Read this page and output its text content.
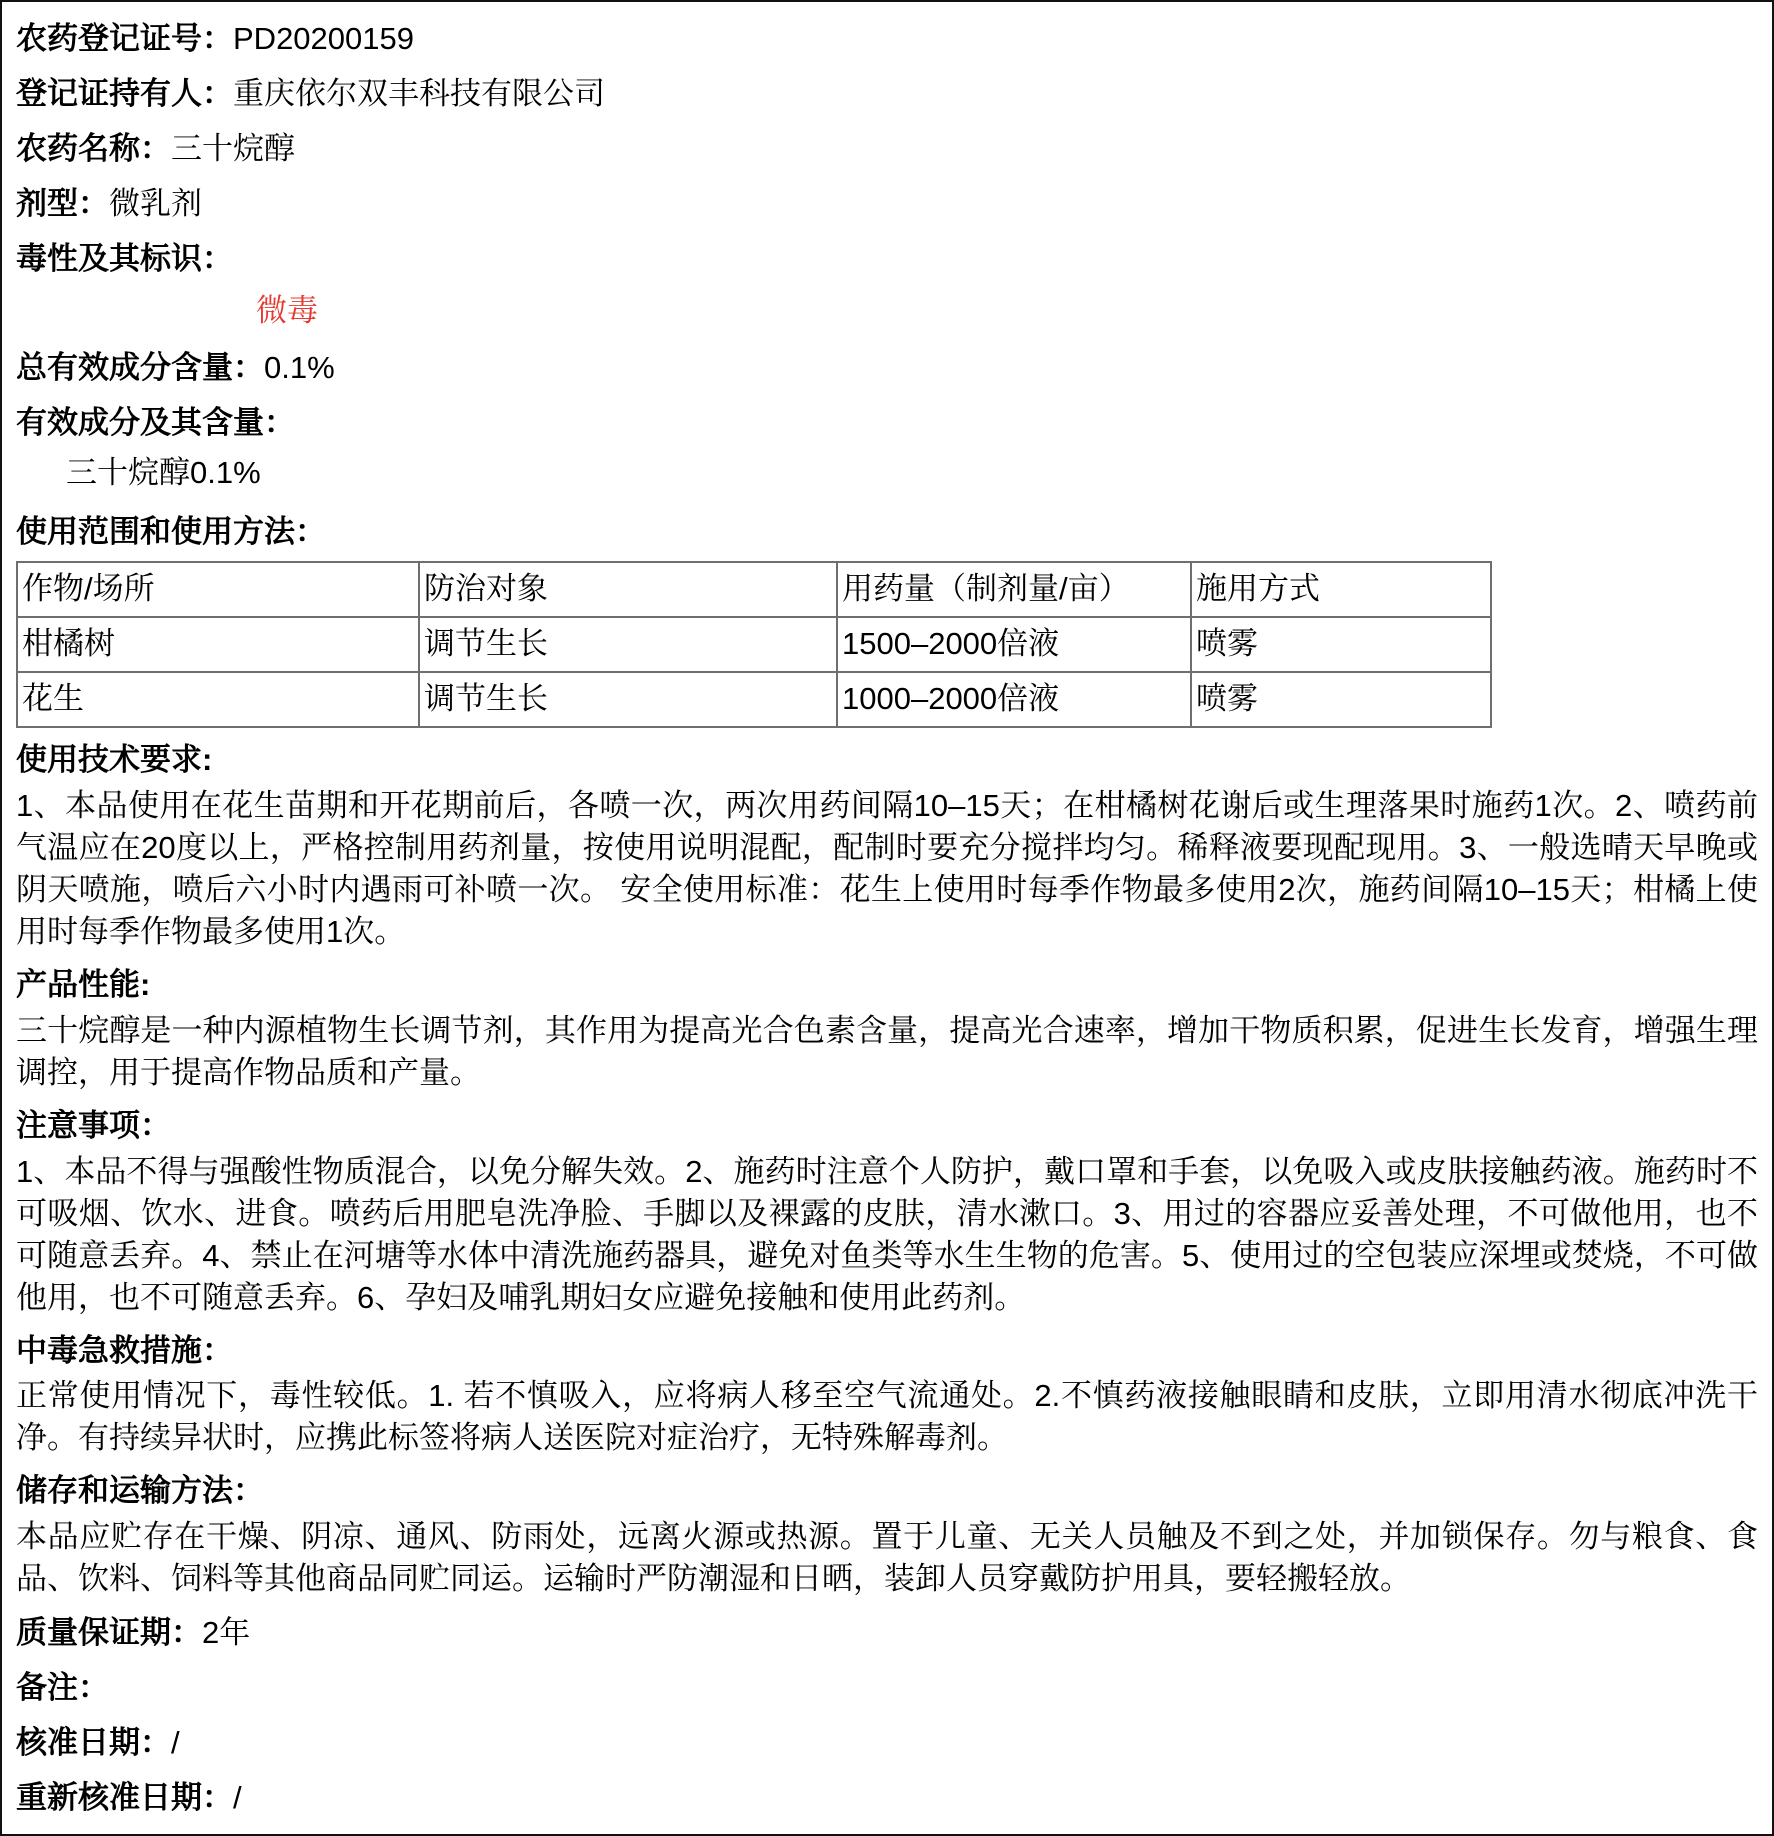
农药登记证号：PD20200159
登记证持有人：重庆依尔双丰科技有限公司
农药名称：三十烷醇
剂型：微乳剂
毒性及其标识：
微毒
总有效成分含量：0.1%
有效成分及其含量：
三十烷醇0.1%
使用范围和使用方法：
作物/场所	防治对象	用药量（制剂量/亩）	施用方式
柑橘树	调节生长	1500–2000倍液	喷雾
花生	调节生长	1000–2000倍液	喷雾
使用技术要求:
1、本品使用在花生苗期和开花期前后，各喷一次，两次用药间隔10–15天；在柑橘树花谢后或生理落果时施药1次。2、喷药前气温应在20度以上，严格控制用药剂量，按使用说明混配，配制时要充分搅拌均匀。稀释液要现配现用。3、一般选晴天早晚或阴天喷施，喷后六小时内遇雨可补喷一次。 安全使用标准：花生上使用时每季作物最多使用2次，施药间隔10–15天；柑橘上使用时每季作物最多使用1次。
产品性能:
三十烷醇是一种内源植物生长调节剂，其作用为提高光合色素含量，提高光合速率，增加干物质积累，促进生长发育，增强生理调控，用于提高作物品质和产量。
注意事项：
1、本品不得与强酸性物质混合，以免分解失效。2、施药时注意个人防护，戴口罩和手套，以免吸入或皮肤接触药液。施药时不可吸烟、饮水、进食。喷药后用肥皂洗净脸、手脚以及裸露的皮肤，清水漱口。3、用过的容器应妥善处理，不可做他用，也不可随意丢弃。4、禁止在河塘等水体中清洗施药器具，避免对鱼类等水生生物的危害。5、使用过的空包装应深埋或焚烧，不可做他用，也不可随意丢弃。6、孕妇及哺乳期妇女应避免接触和使用此药剂。
中毒急救措施：
正常使用情况下，毒性较低。1. 若不慎吸入，应将病人移至空气流通处。2.不慎药液接触眼睛和皮肤，立即用清水彻底冲洗干净。有持续异状时，应携此标签将病人送医院对症治疗，无特殊解毒剂。
储存和运输方法：
本品应贮存在干燥、阴凉、通风、防雨处，远离火源或热源。置于儿童、无关人员触及不到之处，并加锁保存。勿与粮食、食品、饮料、饲料等其他商品同贮同运。运输时严防潮湿和日晒，装卸人员穿戴防护用具，要轻搬轻放。
质量保证期：2年
备注：
核准日期：/
重新核准日期：/
